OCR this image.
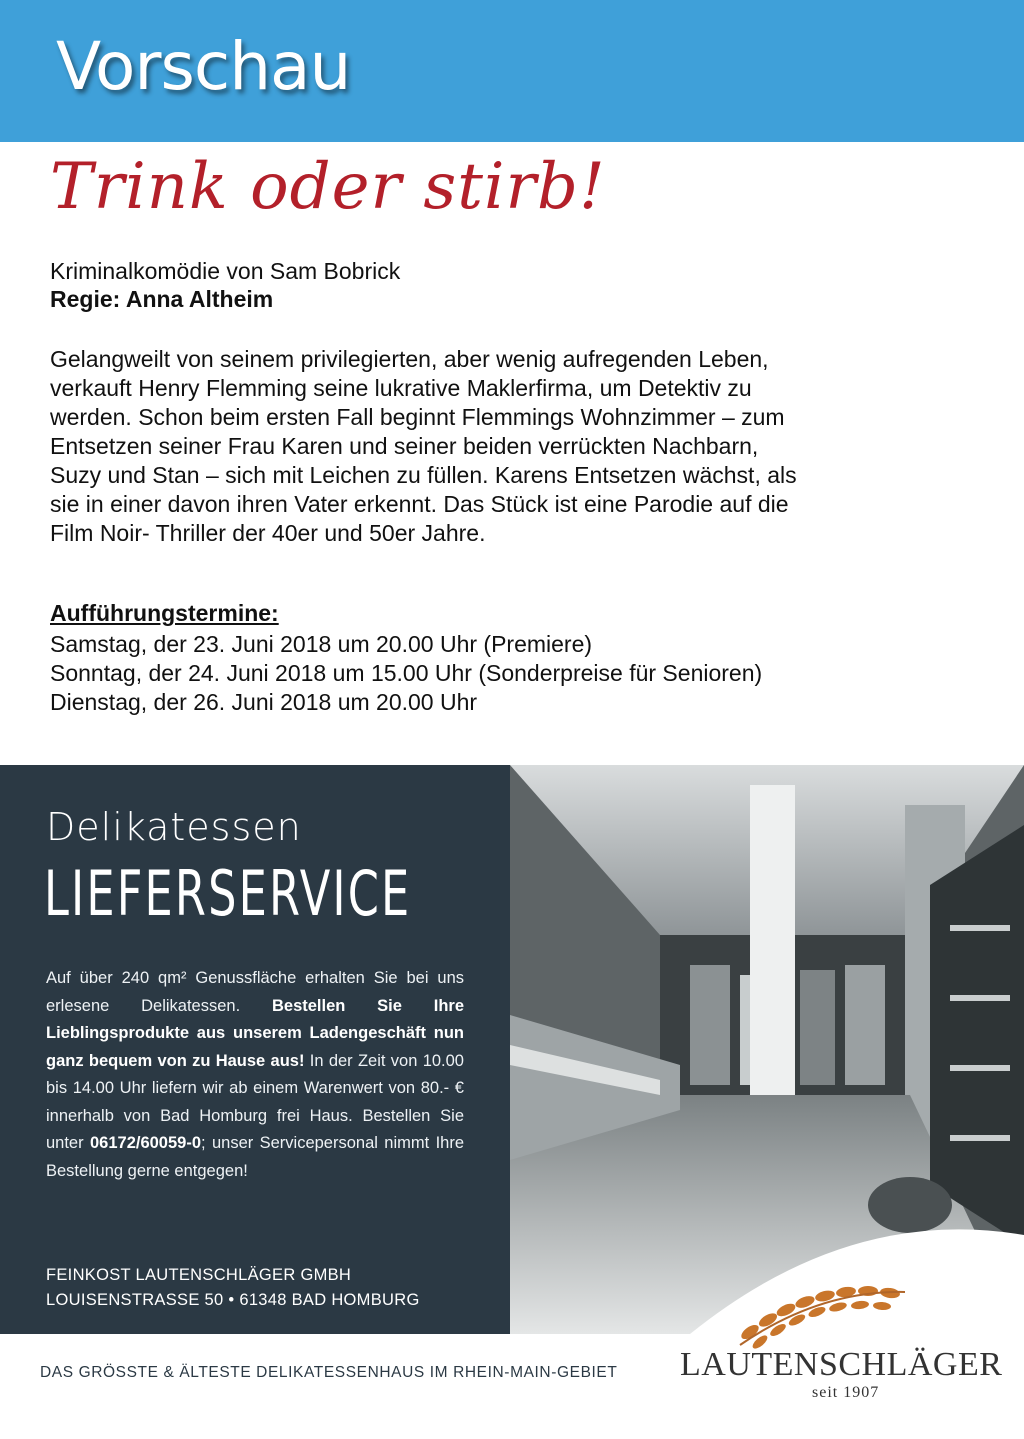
Vorschau
Trink oder stirb!
Kriminalkomödie von Sam Bobrick
Regie: Anna Altheim
Gelangweilt von seinem privilegierten, aber wenig aufregenden Leben,
verkauft Henry Flemming seine lukrative Maklerfirma, um Detektiv zu
werden. Schon beim ersten Fall beginnt Flemmings Wohnzimmer – zum
Entsetzen seiner Frau Karen und seiner beiden verrückten Nachbarn,
Suzy und Stan – sich mit Leichen zu füllen. Karens Entsetzen wächst, als
sie in einer davon ihren Vater erkennt. Das Stück ist eine Parodie auf die
Film Noir- Thriller der 40er und 50er Jahre.
Aufführungstermine:
Samstag, der 23. Juni 2018 um 20.00 Uhr (Premiere)
Sonntag, der 24. Juni 2018 um 15.00 Uhr (Sonderpreise für Senioren)
Dienstag, der 26. Juni 2018 um 20.00 Uhr
Delikatessen
LIEFERSERVICE
Auf über 240 qm² Genussfläche erhalten Sie bei uns erlesene Delikatessen. Bestellen Sie Ihre Lieblingsprodukte aus unserem Ladengeschäft nun ganz bequem von zu Hause aus! In der Zeit von 10.00 bis 14.00 Uhr liefern wir ab einem Warenwert von 80.- € innerhalb von Bad Homburg frei Haus. Bestellen Sie unter 06172/60059-0; unser Servicepersonal nimmt Ihre Bestellung gerne entgegen!
FEINKOST LAUTENSCHLÄGER GMBH
LOUISENSTRASSE 50 • 61348 BAD HOMBURG
DAS GRÖSSTE & ÄLTESTE DELIKATESSENHAUS IM RHEIN-MAIN-GEBIET LAUTENSCHLÄGER
seit 1907
